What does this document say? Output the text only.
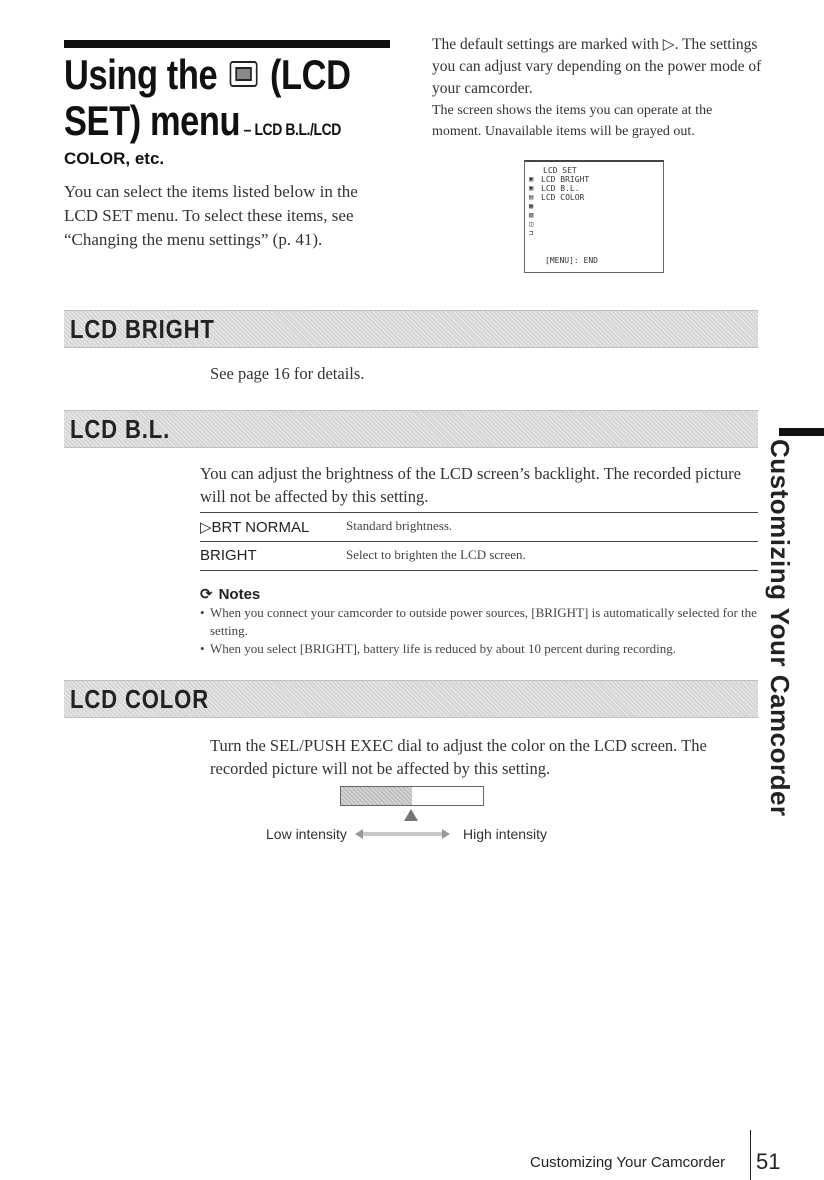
Using the (LCD
SET) menu – LCD B.L./LCD
COLOR, etc.
You can select the items listed below in the LCD SET menu. To select these items, see “Changing the menu settings” (p. 41).
The default settings are marked with ▷. The settings you can adjust vary depending on the power mode of your camcorder.
The screen shows the items you can operate at the moment. Unavailable items will be grayed out.
LCD SET
▣
▣
▤
▦
▧
◫
⊐
LCD BRIGHT
LCD B.L.
LCD COLOR
[MENU]: END
LCD BRIGHT
See page 16 for details.
LCD B.L.
You can adjust the brightness of the LCD screen’s backlight. The recorded picture will not be affected by this setting.
▷BRT NORMAL	Standard brightness.
BRIGHT	Select to brighten the LCD screen.
⟳ Notes
• When you connect your camcorder to outside power sources, [BRIGHT] is automatically selected for the setting.
• When you select [BRIGHT], battery life is reduced by about 10 percent during recording.
LCD COLOR
Turn the SEL/PUSH EXEC dial to adjust the color on the LCD screen. The recorded picture will not be affected by this setting.
Low intensity	High intensity
Customizing Your Camcorder
Customizing Your Camcorder 51
